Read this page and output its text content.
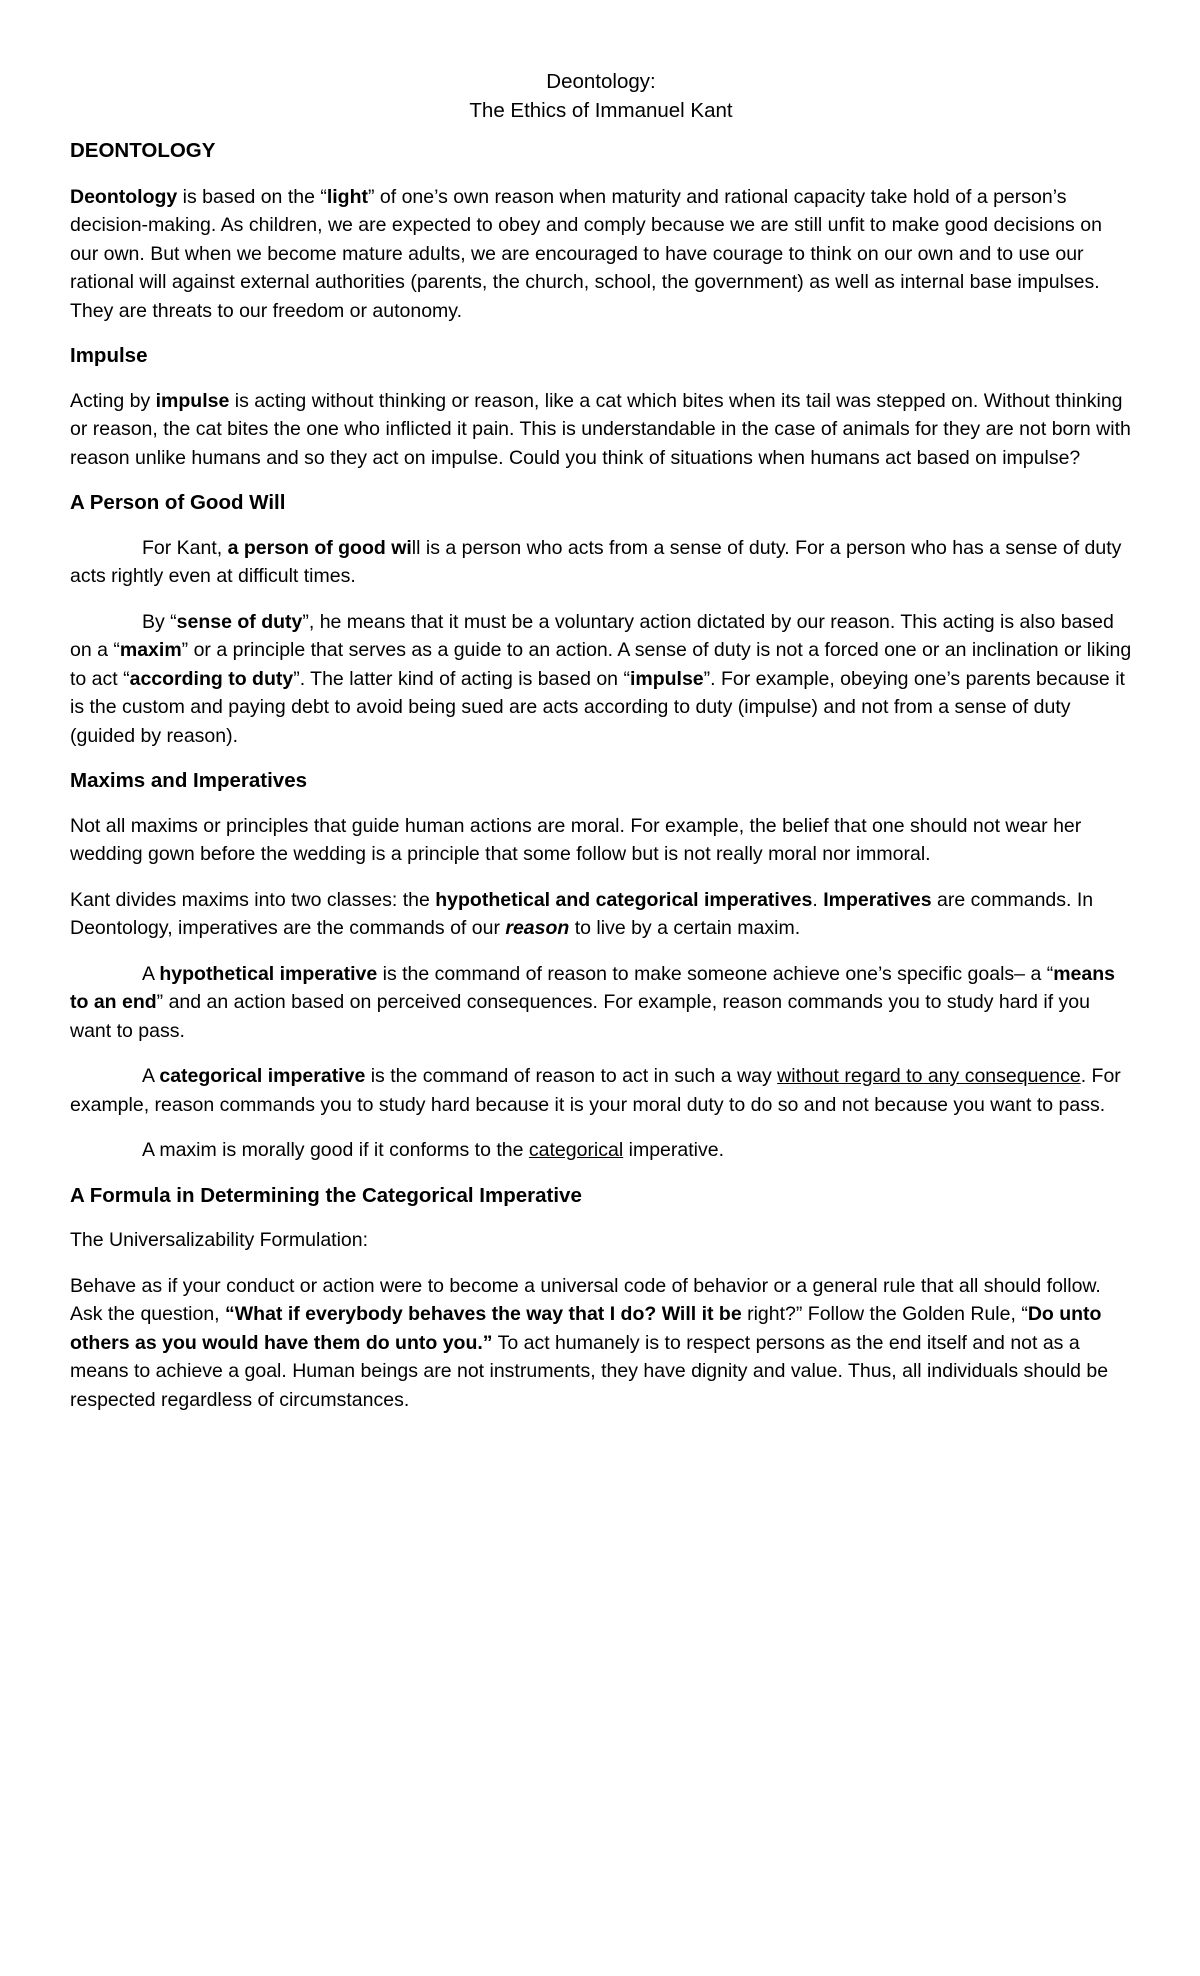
Deontology:

The Ethics of Immanuel Kant

DEONTOLOGY

Deontology is based on the “light” of one’s own reason when maturity and rational capacity take hold of a person’s decision-making. As children, we are expected to obey and comply because we are still unfit to make good decisions on our own. But when we become mature adults, we are encouraged to have courage to think on our own and to use our rational will against external authorities (parents, the church, school, the government) as well as internal base impulses. They are threats to our freedom or autonomy.

Impulse

Acting by impulse is acting without thinking or reason, like a cat which bites when its tail was stepped on. Without thinking or reason, the cat bites the one who inflicted it pain. This is understandable in the case of animals for they are not born with reason unlike humans and so they act on impulse. Could you think of situations when humans act based on impulse?

A Person of Good Will

For Kant, a person of good will is a person who acts from a sense of duty. For a person who has a sense of duty acts rightly even at difficult times.

By “sense of duty”, he means that it must be a voluntary action dictated by our reason. This acting is also based on a “maxim” or a principle that serves as a guide to an action. A sense of duty is not a forced one or an inclination or liking to act “according to duty”. The latter kind of acting is based on “impulse”. For example, obeying one’s parents because it is the custom and paying debt to avoid being sued are acts according to duty (impulse) and not from a sense of duty (guided by reason).

Maxims and Imperatives

Not all maxims or principles that guide human actions are moral. For example, the belief that one should not wear her wedding gown before the wedding is a principle that some follow but is not really moral nor immoral.

Kant divides maxims into two classes: the hypothetical and categorical imperatives. Imperatives are commands. In Deontology, imperatives are the commands of our reason to live by a certain maxim.

A hypothetical imperative is the command of reason to make someone achieve one’s specific goals– a “means to an end” and an action based on perceived consequences. For example, reason commands you to study hard if you want to pass.

A categorical imperative is the command of reason to act in such a way without regard to any consequence. For example, reason commands you to study hard because it is your moral duty to do so and not because you want to pass.

A maxim is morally good if it conforms to the categorical imperative.

A Formula in Determining the Categorical Imperative

The Universalizability Formulation:

Behave as if your conduct or action were to become a universal code of behavior or a general rule that all should follow. Ask the question, “What if everybody behaves the way that I do? Will it be right?” Follow the Golden Rule, “Do unto others as you would have them do unto you.” To act humanely is to respect persons as the end itself and not as a means to achieve a goal. Human beings are not instruments, they have dignity and value. Thus, all individuals should be respected regardless of circumstances.
